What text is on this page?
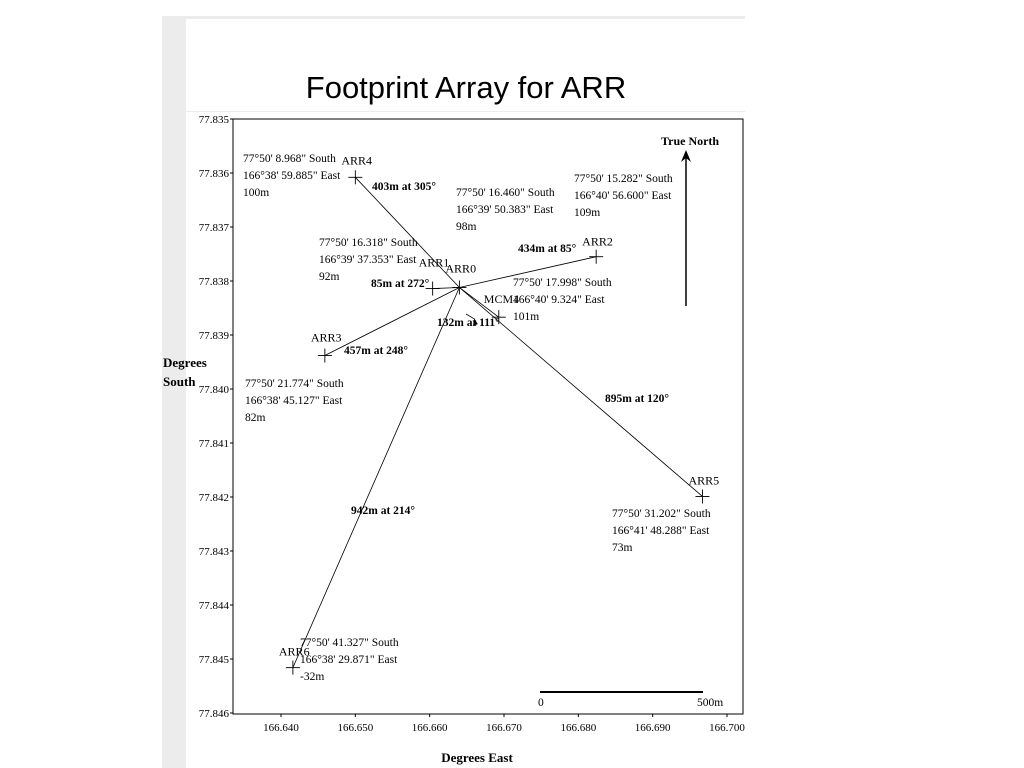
Footprint Array for ARR
77.835
77.836
77.837
77.838
77.839
77.840
77.841
77.842
77.843
77.844
77.845
77.846
166.640	166.650	166.660	166.670	166.680	166.690	166.700
Degrees East
Degrees
South
ARR0
77°50' 16.460" South
166°39' 50.383" East
98m
ARR1
77°50' 16.318" South
166°39' 37.353" East
92m
ARR2
77°50' 15.282" South
166°40' 56.600" East
109m
ARR3
77°50' 21.774" South
166°38' 45.127" East
82m
ARR4
77°50' 8.968" South
166°38' 59.885" East
100m
ARR5
77°50' 31.202" South
166°41' 48.288" East
73m
ARR6
77°50' 41.327" South
166°38' 29.871" East
-32m
MCM4
77°50' 17.998" South
166°40' 9.324" East
101m
403m at 305°
85m at 272°
434m at 85°
457m at 248°
895m at 120°
942m at 214°
132m at 111°
True North
0	500m
